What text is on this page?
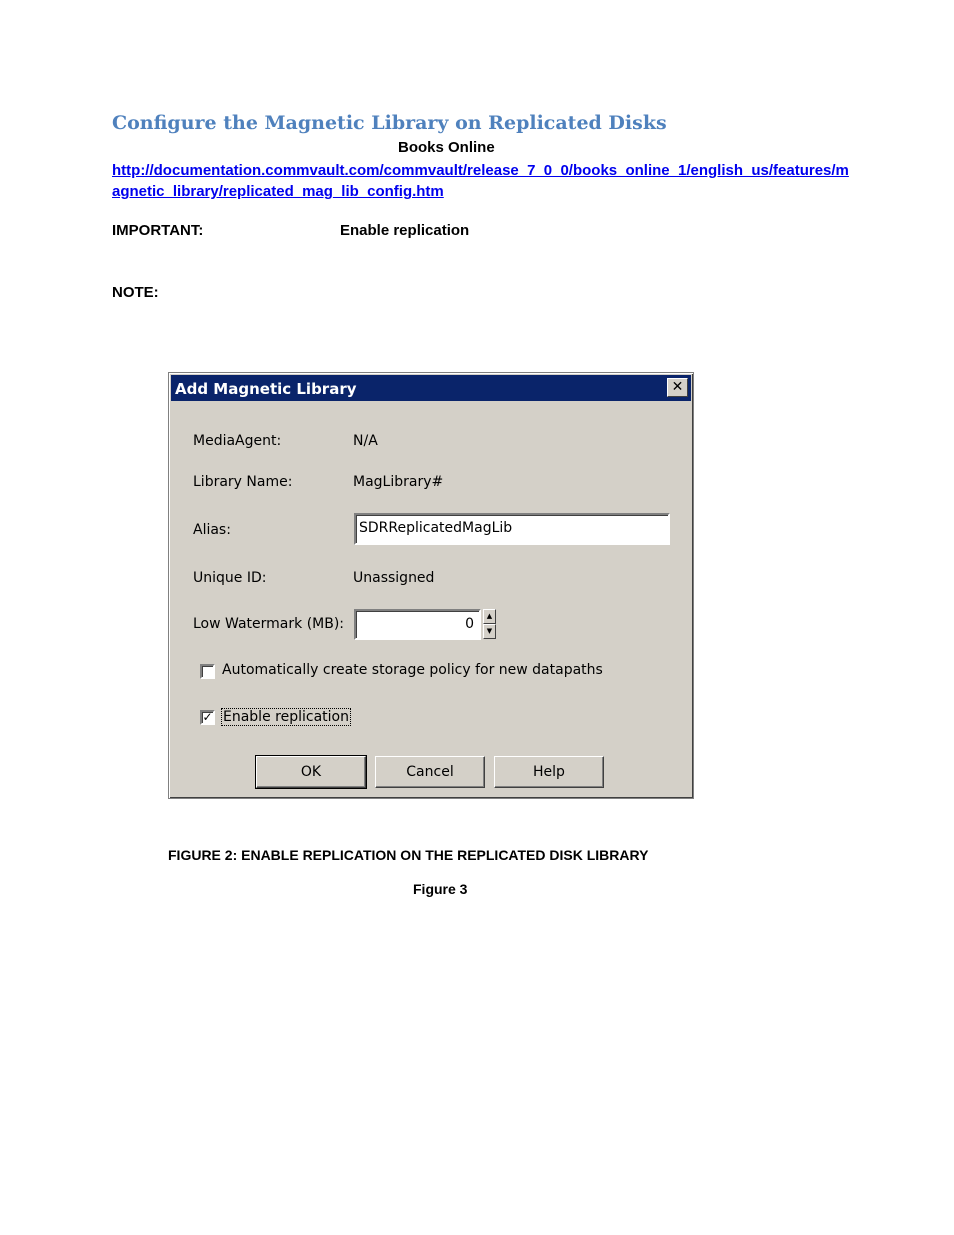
Configure the Magnetic Library on Replicated Disks
Books Online
http://documentation.commvault.com/commvault/release_7_0_0/books_online_1/english_us/features/magnetic_library/replicated_mag_lib_config.htm
IMPORTANT:	Enable replication
NOTE:
Add Magnetic Library	✕
MediaAgent:	N/A
Library Name:	MagLibrary#
Alias:	SDRReplicatedMagLib
Unique ID:	Unassigned
Low Watermark (MB):	0	▲
▼
Automatically create storage policy for new datapaths
✓ Enable replication
OK	Cancel	Help
FIGURE 2: ENABLE REPLICATION ON THE REPLICATED DISK LIBRARY
Figure 3
